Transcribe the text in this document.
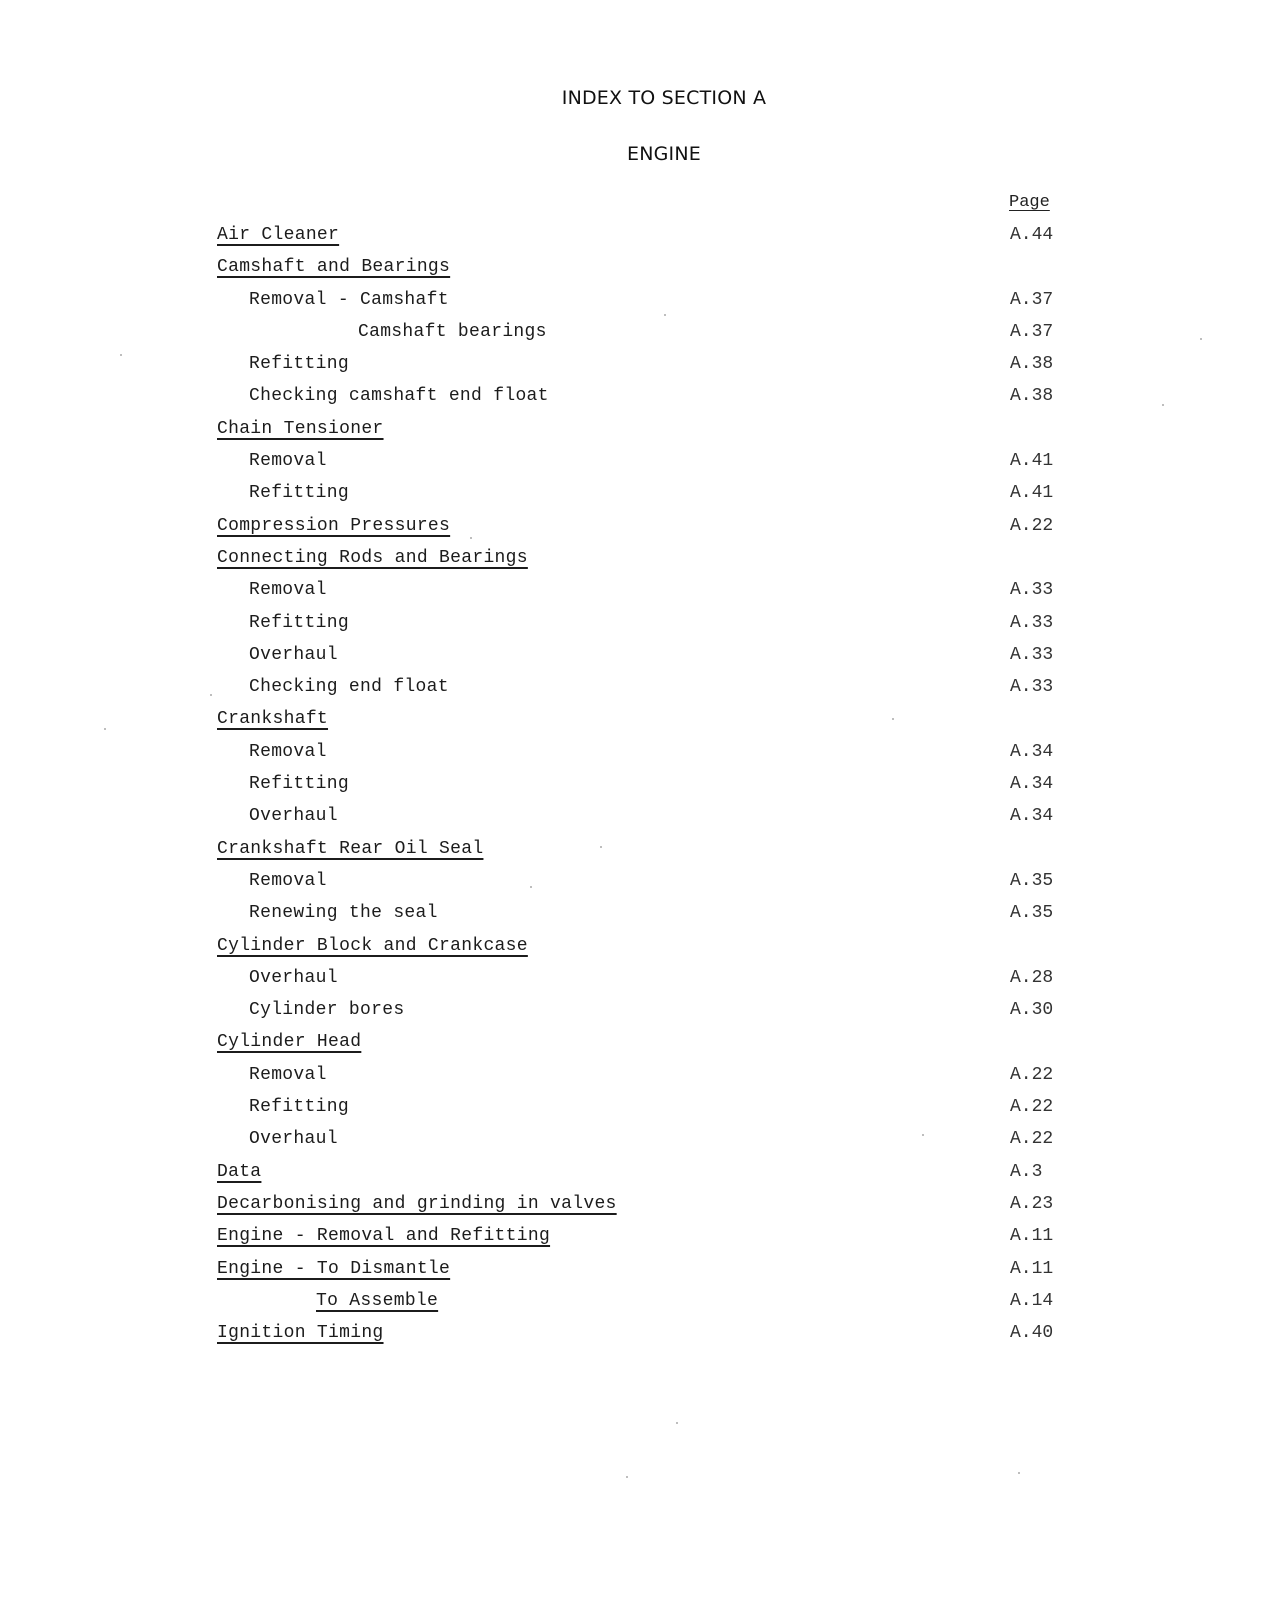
INDEX TO SECTION A
ENGINE
Page
Air Cleaner	A.44
Camshaft and Bearings
Removal - Camshaft	A.37
Camshaft bearings	A.37
Refitting	A.38
Checking camshaft end float	A.38
Chain Tensioner
Removal	A.41
Refitting	A.41
Compression Pressures	A.22
Connecting Rods and Bearings
Removal	A.33
Refitting	A.33
Overhaul	A.33
Checking end float	A.33
Crankshaft
Removal	A.34
Refitting	A.34
Overhaul	A.34
Crankshaft Rear Oil Seal
Removal	A.35
Renewing the seal	A.35
Cylinder Block and Crankcase
Overhaul	A.28
Cylinder bores	A.30
Cylinder Head
Removal	A.22
Refitting	A.22
Overhaul	A.22
Data	A.3
Decarbonising and grinding in valves	A.23
Engine - Removal and Refitting	A.11
Engine - To Dismantle	A.11
To Assemble	A.14
Ignition Timing	A.40
